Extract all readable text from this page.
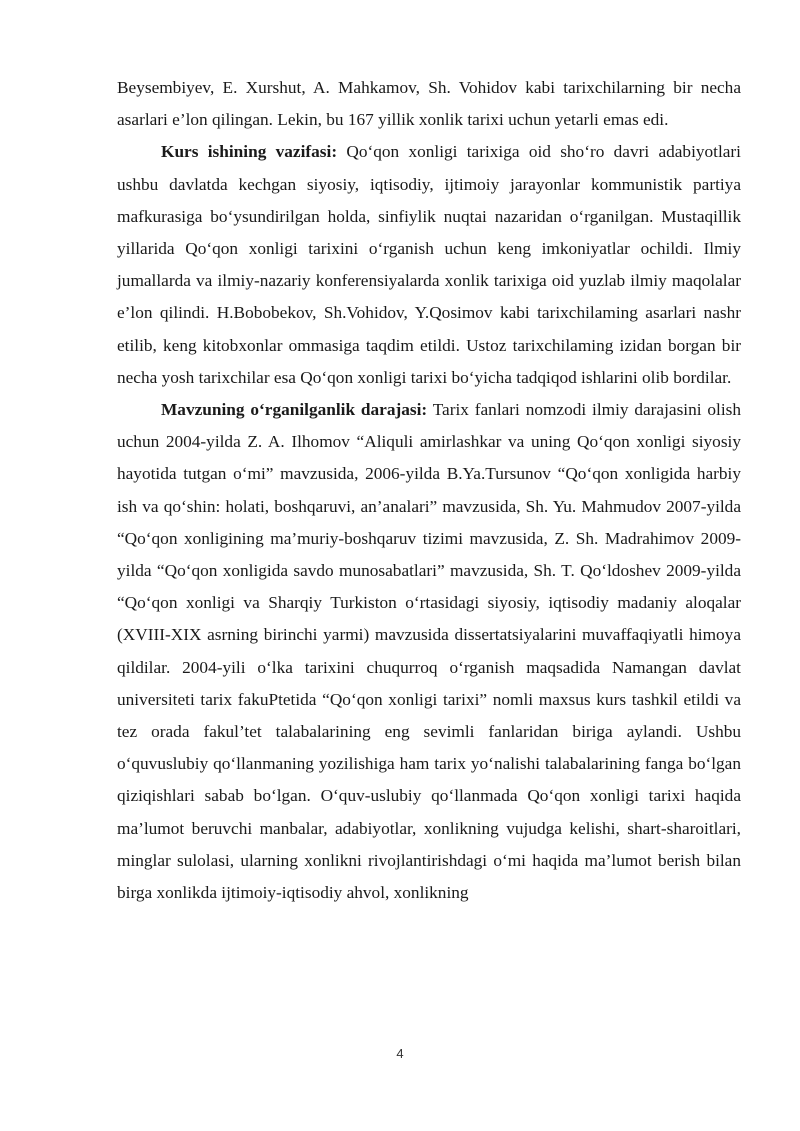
Beysembiyev, E. Xurshut, A. Mahkamov, Sh. Vohidov kabi tarixchilarning bir necha asarlari e’lon qilingan. Lekin, bu 167 yillik xonlik tarixi uchun yetarli emas edi.

Kurs ishining vazifasi: Qo‘qon xonligi tarixiga oid sho‘ro davri adabiyotlari ushbu davlatda kechgan siyosiy, iqtisodiy, ijtimoiy jarayonlar kommunistik partiya mafkurasiga bo‘ysundirilgan holda, sinfiylik nuqtai nazaridan o‘rganilgan. Mustaqillik yillarida Qo‘qon xonligi tarixini o‘rganish uchun keng imkoniyatlar ochildi. Ilmiy jumallarda va ilmiy-nazariy konferensiyalarda xonlik tarixiga oid yuzlab ilmiy maqolalar e’lon qilindi. H.Bobobekov, Sh.Vohidov, Y.Qosimov kabi tarixchilaming asarlari nashr etilib, keng kitobxonlar ommasiga taqdim etildi. Ustoz tarixchilaming izidan borgan bir necha yosh tarixchilar esa Qo‘qon xonligi tarixi bo‘yicha tadqiqod ishlarini olib bordilar.

Mavzuning o‘rganilganlik darajasi: Tarix fanlari nomzodi ilmiy darajasini olish uchun 2004-yilda Z. A. Ilhomov “Aliquli amirlashkar va uning Qo‘qon xonligi siyosiy hayotida tutgan o‘mi” mavzusida, 2006-yilda B.Ya.Tursunov “Qo‘qon xonligida harbiy ish va qo‘shin: holati, boshqaruvi, an’analari” mavzusida, Sh. Yu. Mahmudov 2007-yilda “Qo‘qon xonligining ma’muriy-boshqaruv tizimi mavzusida, Z. Sh. Madrahimov 2009-yilda “Qo‘qon xonligida savdo munosabatlari” mavzusida, Sh. T. Qo‘ldoshev 2009-yilda “Qo‘qon xonligi va Sharqiy Turkiston o‘rtasidagi siyosiy, iqtisodiy madaniy aloqalar (XVIII-XIX asrning birinchi yarmi) mavzusida dissertatsiyalarini muvaffaqiyatli himoya qildilar. 2004-yili o‘lka tarixini chuqurroq o‘rganish maqsadida Namangan davlat universiteti tarix fakuPtetida “Qo‘qon xonligi tarixi” nomli maxsus kurs tashkil etildi va tez orada fakul’tet talabalarining eng sevimli fanlaridan biriga aylandi. Ushbu o‘quvuslubiy qo‘llanmaning yozilishiga ham tarix yo‘nalishi talabalarining fanga bo‘lgan qiziqishlari sabab bo‘lgan. O‘quv-uslubiy qo‘llanmada Qo‘qon xonligi tarixi haqida ma’lumot beruvchi manbalar, adabiyotlar, xonlikning vujudga kelishi, shart-sharoitlari, minglar sulolasi, ularning xonlikni rivojlantirishdagi o‘mi haqida ma’lumot berish bilan birga xonlikda ijtimoiy-iqtisodiy ahvol, xonlikning

4
